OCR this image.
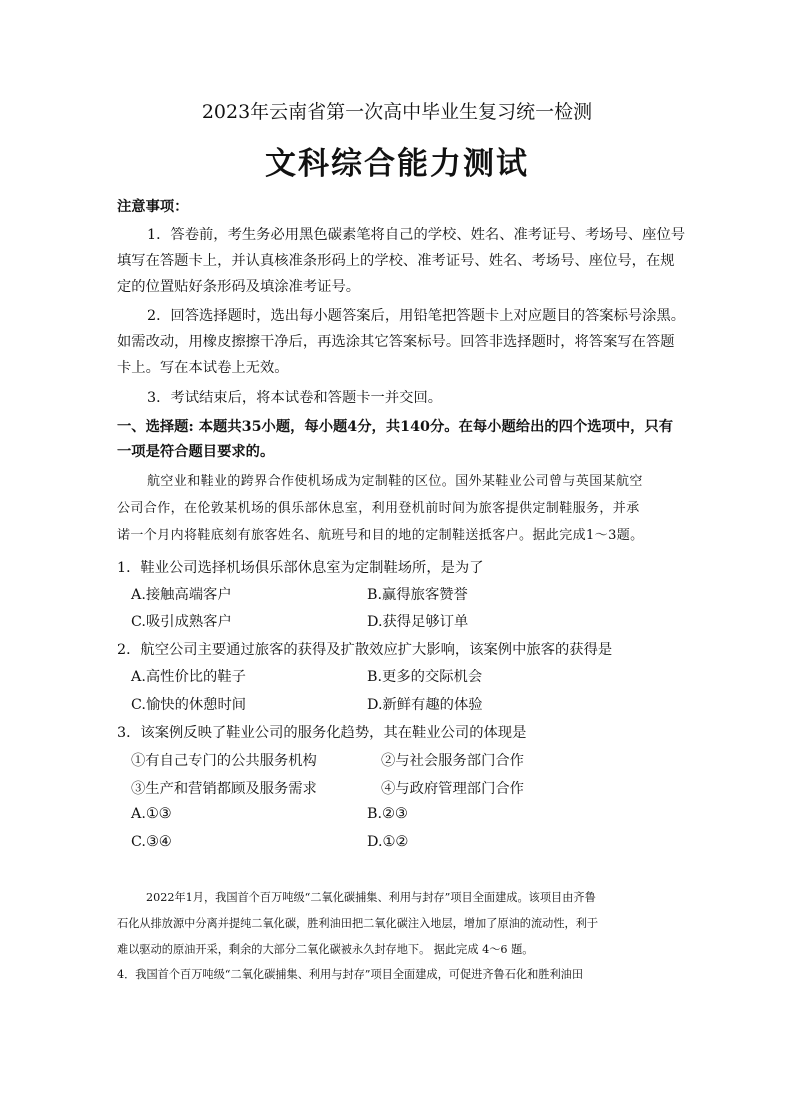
2023年云南省第一次高中毕业生复习统一检测
文科综合能力测试
注意事项：
1．答卷前，考生务必用黑色碳素笔将自己的学校、姓名、准考证号、考场号、座位号
填写在答题卡上，并认真核准条形码上的学校、准考证号、姓名、考场号、座位号，在规
定的位置贴好条形码及填涂准考证号。
2．回答选择题时，选出每小题答案后，用铅笔把答题卡上对应题目的答案标号涂黑。
如需改动，用橡皮擦擦干净后，再选涂其它答案标号。回答非选择题时，将答案写在答题
卡上。写在本试卷上无效。
3．考试结束后，将本试卷和答题卡一并交回。
一、选择题: 本题共35小题，每小题4分，共140分。在每小题给出的四个选项中，只有
一项是符合题目要求的。
航空业和鞋业的跨界合作使机场成为定制鞋的区位。国外某鞋业公司曾与英国某航空
公司合作，在伦敦某机场的俱乐部休息室，利用登机前时间为旅客提供定制鞋服务，并承
诺一个月内将鞋底刻有旅客姓名、航班号和目的地的定制鞋送抵客户。据此完成1～3题。
1．鞋业公司选择机场俱乐部休息室为定制鞋场所，是为了
A.接触高端客户	B.赢得旅客赞誉
C.吸引成熟客户	D.获得足够订单
2．航空公司主要通过旅客的获得及扩散效应扩大影响，该案例中旅客的获得是
A.高性价比的鞋子	B.更多的交际机会
C.愉快的休憩时间	D.新鲜有趣的体验
3．该案例反映了鞋业公司的服务化趋势，其在鞋业公司的体现是
①有自己专门的公共服务机构	②与社会服务部门合作
③生产和营销都顾及服务需求	④与政府管理部门合作
A.①③	B.②③
C.③④	D.①②
2022年1月，我国首个百万吨级“二氧化碳捕集、利用与封存”项目全面建成。该项目由齐鲁
石化从排放源中分离并提纯二氧化碳，胜利油田把二氧化碳注入地层，增加了原油的流动性，利于
难以驱动的原油开采，剩余的大部分二氧化碳被永久封存地下。 据此完成 4～6 题。
4．我国首个百万吨级“二氧化碳捕集、利用与封存”项目全面建成，可促进齐鲁石化和胜利油田
